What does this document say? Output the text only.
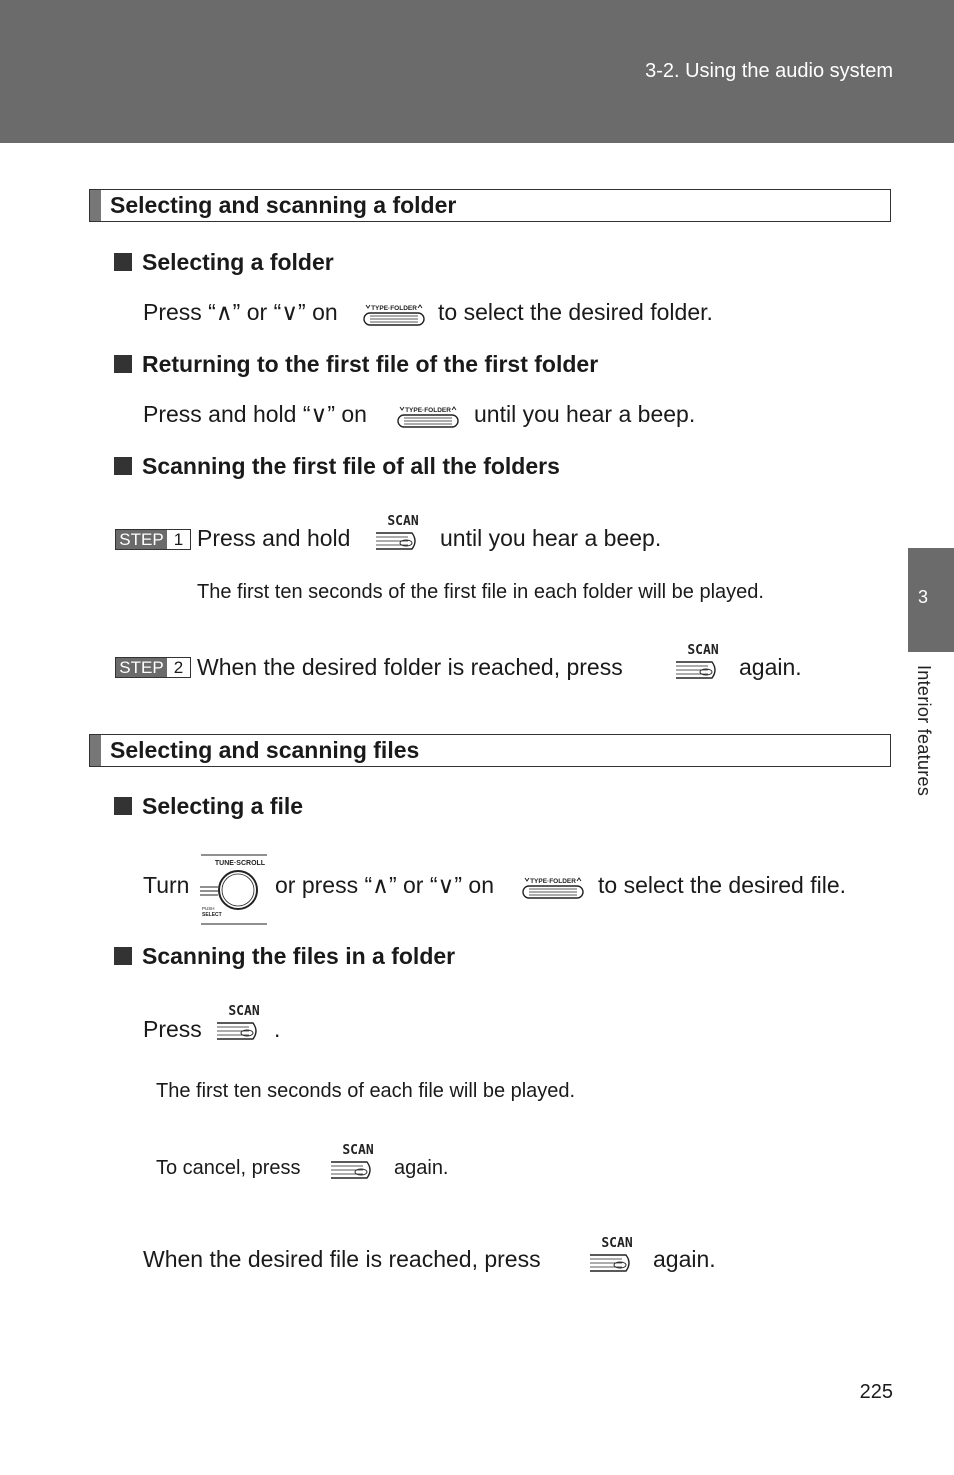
3-2. Using the audio system
3
Interior features
Selecting and scanning a folder
Selecting a folder
Press “∧” or “∨” on	TYPE·FOLDER to select the desired folder.
Returning to the first file of the first folder
Press and hold “∨” on	TYPE·FOLDER until you hear a beep.
Scanning the first file of all the folders
STEP 1 Press and hold
SCAN
until you hear a beep.
The first ten seconds of the first file in each folder will be played.
STEP 2 When the desired folder is reached, press
SCAN
again.
Selecting and scanning files
Selecting a file
Turn
TUNE·SCROLL
PUSH
SELECT
or press “∧” or “∨” on	TYPE·FOLDER to select the desired file.
Scanning the files in a folder
Press
SCAN
.
The first ten seconds of each file will be played.
To cancel, press
SCAN
again.
When the desired file is reached, press
SCAN
again.
225
